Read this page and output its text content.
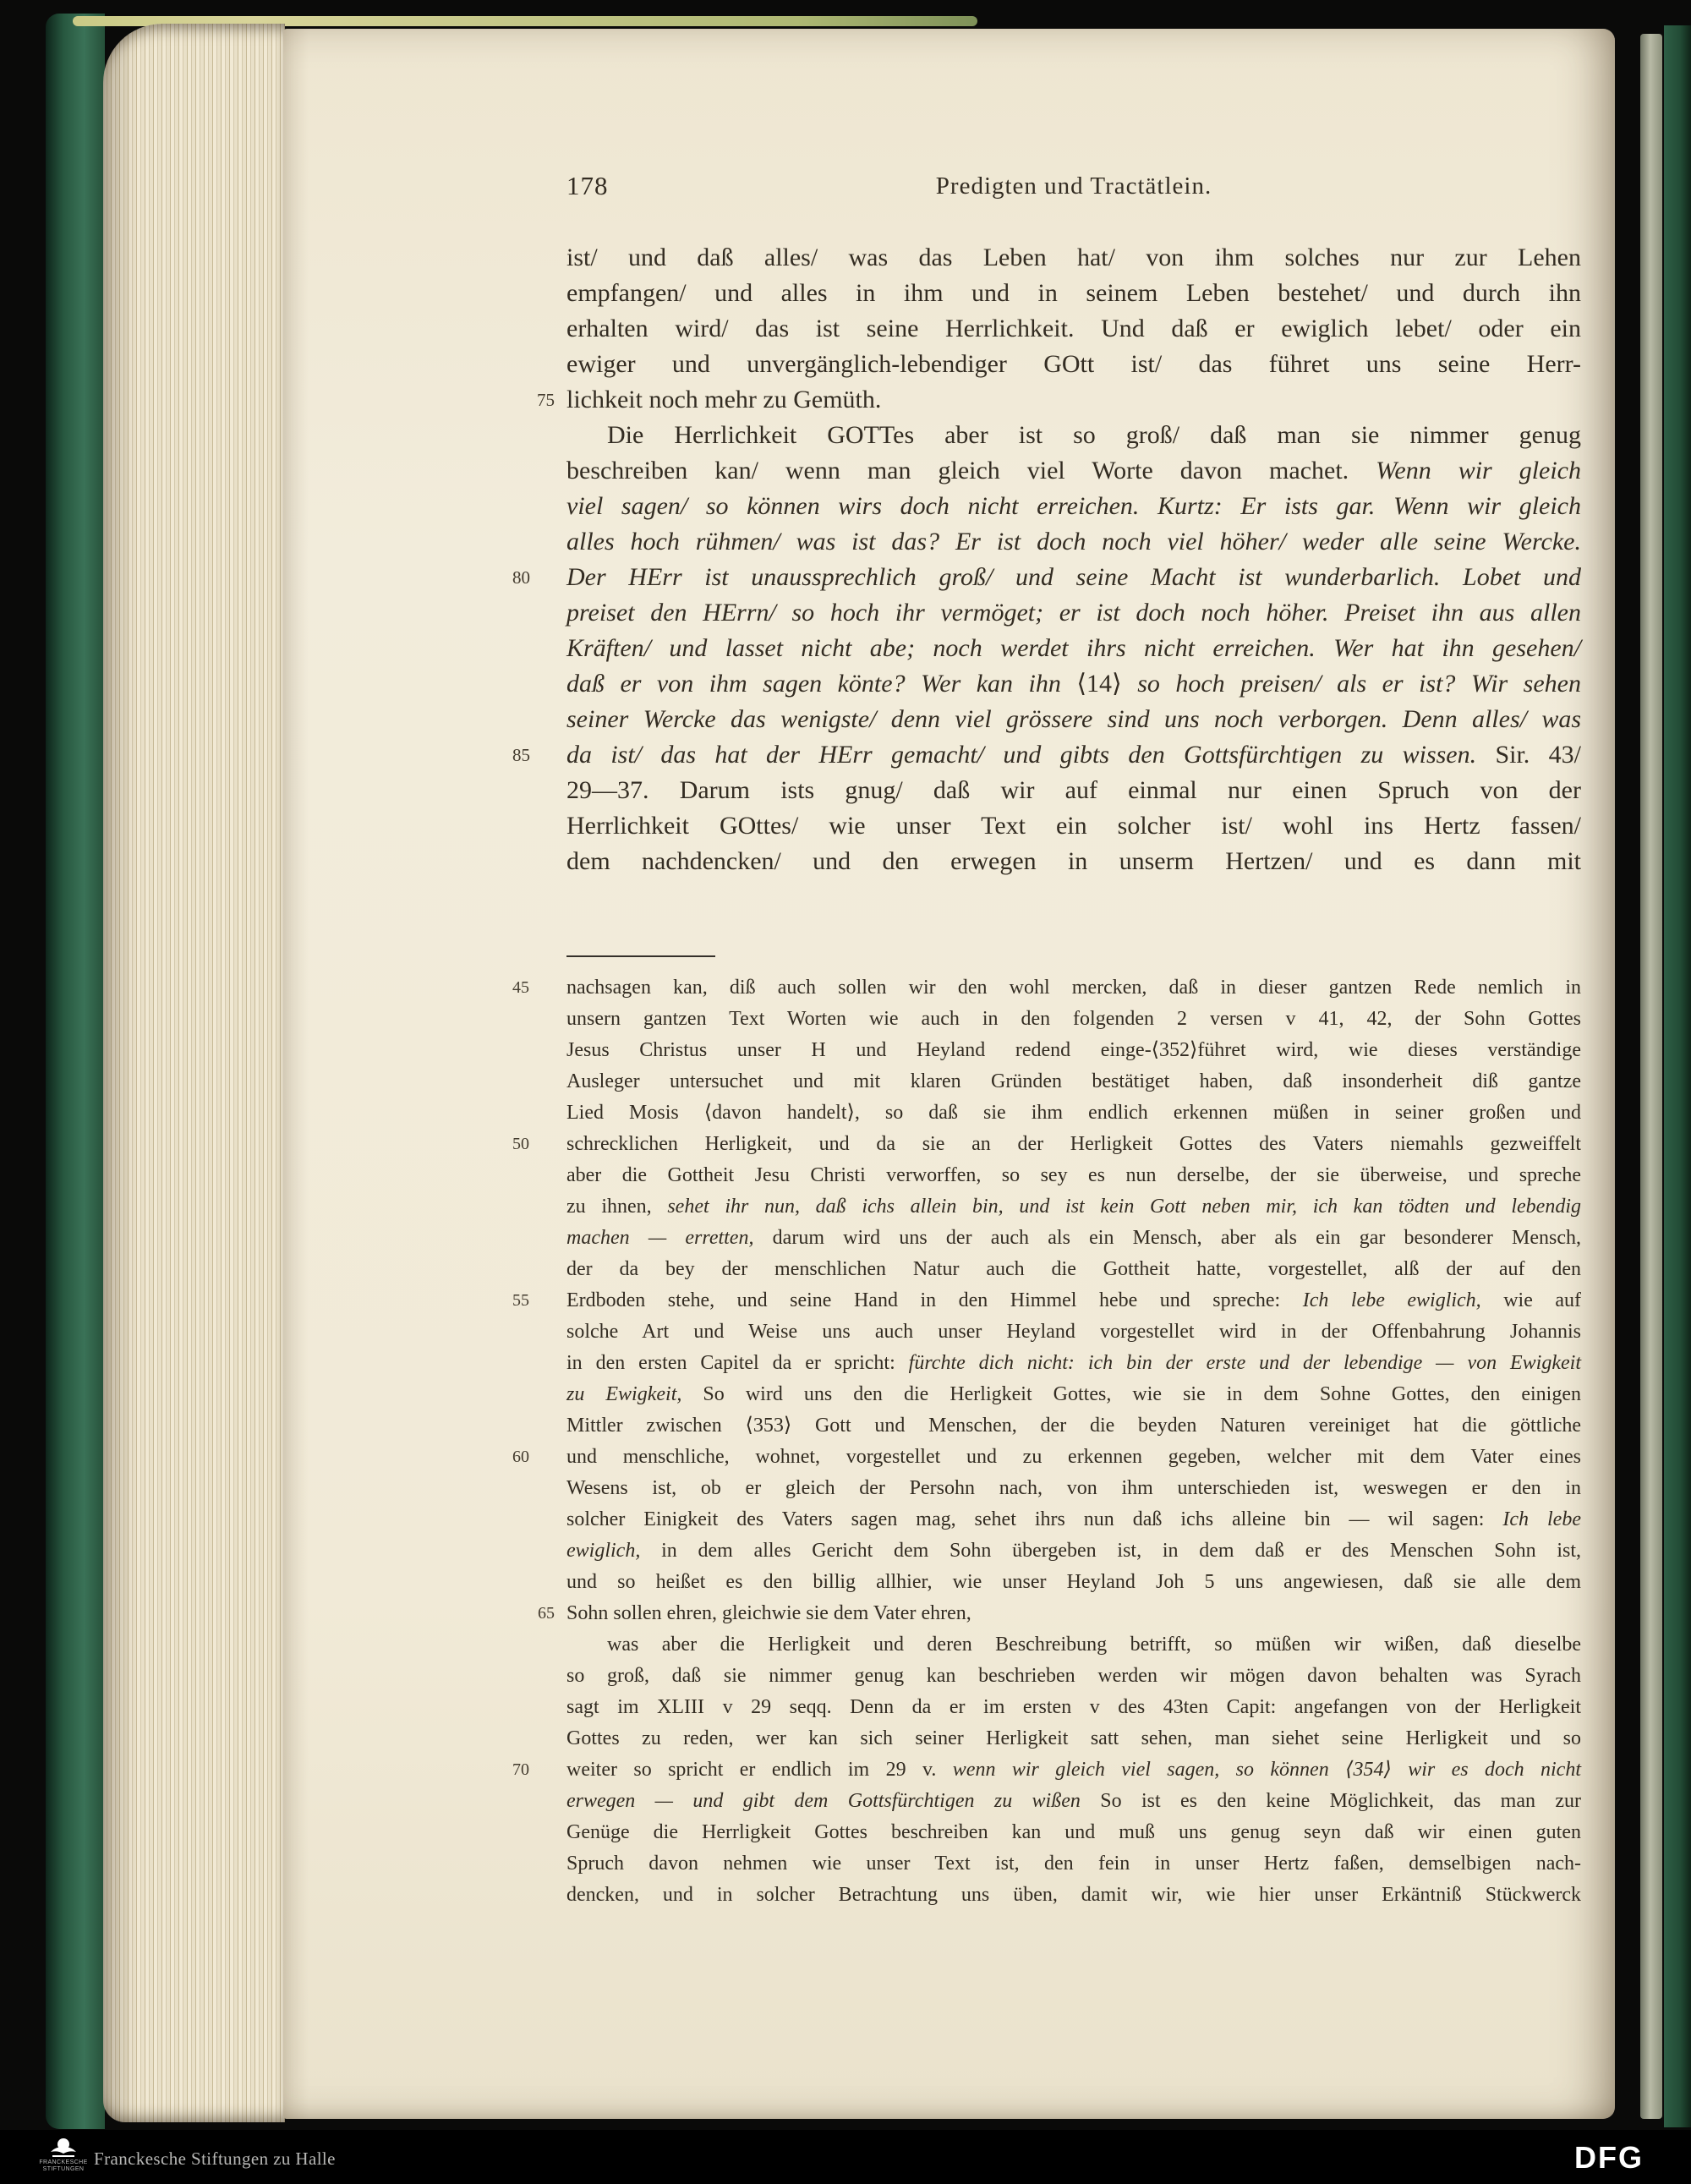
178	Predigten und Tractätlein.
ist/ und daß alles/ was das Leben hat/ von ihm solches nur zur Lehen
empfangen/ und alles in ihm und in seinem Leben bestehet/ und durch ihn
erhalten wird/ das ist seine Herrlichkeit. Und daß er ewiglich lebet/ oder ein
ewiger und unvergänglich-lebendiger GOtt ist/ das führet uns seine Herr-
75 lichkeit noch mehr zu Gemüth.
Die Herrlichkeit GOTTes aber ist so groß/ daß man sie nimmer genug
beschreiben kan/ wenn man gleich viel Worte davon machet. Wenn wir gleich
viel sagen/ so können wirs doch nicht erreichen. Kurtz: Er ists gar. Wenn wir gleich
alles hoch rühmen/ was ist das? Er ist doch noch viel höher/ weder alle seine Wercke.
80	Der HErr ist unaussprechlich groß/ und seine Macht ist wunderbarlich. Lobet und
preiset den HErrn/ so hoch ihr vermöget; er ist doch noch höher. Preiset ihn aus allen
Kräften/ und lasset nicht abe; noch werdet ihrs nicht erreichen. Wer hat ihn gesehen/
daß er von ihm sagen könte? Wer kan ihn ⟨14⟩ so hoch preisen/ als er ist? Wir sehen
seiner Wercke das wenigste/ denn viel grössere sind uns noch verborgen. Denn alles/ was
85	da ist/ das hat der HErr gemacht/ und gibts den Gottsfürchtigen zu wissen. Sir. 43/
29—37. Darum ists gnug/ daß wir auf einmal nur einen Spruch von der
Herrlichkeit GOttes/ wie unser Text ein solcher ist/ wohl ins Hertz fassen/
dem nachdencken/ und den erwegen in unserm Hertzen/ und es dann mit
45	nachsagen kan, diß auch sollen wir den wohl mercken, daß in dieser gantzen Rede nemlich in
unsern gantzen Text Worten wie auch in den folgenden 2 versen v 41, 42, der Sohn Gottes
Jesus Christus unser H und Heyland redend einge-⟨352⟩führet wird, wie dieses verständige
Ausleger untersuchet und mit klaren Gründen bestätiget haben, daß insonderheit diß gantze
Lied Mosis ⟨davon handelt⟩, so daß sie ihm endlich erkennen müßen in seiner großen und
50	schrecklichen Herligkeit, und da sie an der Herligkeit Gottes des Vaters niemahls gezweiffelt
aber die Gottheit Jesu Christi verworffen, so sey es nun derselbe, der sie überweise, und spreche
zu ihnen, sehet ihr nun, daß ichs allein bin, und ist kein Gott neben mir, ich kan tödten und lebendig
machen — erretten, darum wird uns der auch als ein Mensch, aber als ein gar besonderer Mensch,
der da bey der menschlichen Natur auch die Gottheit hatte, vorgestellet, alß der auf den
55	Erdboden stehe, und seine Hand in den Himmel hebe und spreche: Ich lebe ewiglich, wie auf
solche Art und Weise uns auch unser Heyland vorgestellet wird in der Offenbahrung Johannis
in den ersten Capitel da er spricht: fürchte dich nicht: ich bin der erste und der lebendige — von Ewigkeit
zu Ewigkeit, So wird uns den die Herligkeit Gottes, wie sie in dem Sohne Gottes, den einigen
Mittler zwischen ⟨353⟩ Gott und Menschen, der die beyden Naturen vereiniget hat die göttliche
60	und menschliche, wohnet, vorgestellet und zu erkennen gegeben, welcher mit dem Vater eines
Wesens ist, ob er gleich der Persohn nach, von ihm unterschieden ist, weswegen er den in
solcher Einigkeit des Vaters sagen mag, sehet ihrs nun daß ichs alleine bin — wil sagen: Ich lebe
ewiglich, in dem alles Gericht dem Sohn übergeben ist, in dem daß er des Menschen Sohn ist,
und so heißet es den billig allhier, wie unser Heyland Joh 5 uns angewiesen, daß sie alle dem
65 Sohn sollen ehren, gleichwie sie dem Vater ehren,
was aber die Herligkeit und deren Beschreibung betrifft, so müßen wir wißen, daß dieselbe
so groß, daß sie nimmer genug kan beschrieben werden wir mögen davon behalten was Syrach
sagt im XLIII v 29 seqq. Denn da er im ersten v des 43ten Capit: angefangen von der Herligkeit
Gottes zu reden, wer kan sich seiner Herligkeit satt sehen, man siehet seine Herligkeit und so
70	weiter so spricht er endlich im 29 v. wenn wir gleich viel sagen, so können ⟨354⟩ wir es doch nicht
erwegen — und gibt dem Gottsfürchtigen zu wißen So ist es den keine Möglichkeit, das man zur
Genüge die Herrligkeit Gottes beschreiben kan und muß uns genug seyn daß wir einen guten
Spruch davon nehmen wie unser Text ist, den fein in unser Hertz faßen, demselbigen nach-
dencken, und in solcher Betrachtung uns üben, damit wir, wie hier unser Erkäntniß Stückwerck
FRANCKESCHE STIFTUNGEN
Franckesche Stiftungen zu Halle	DFG
